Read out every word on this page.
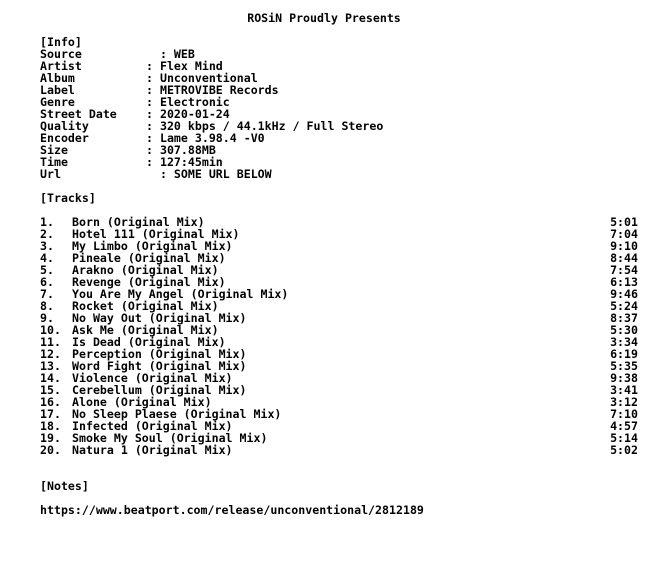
ROSiN Proudly Presents
[Info]
Source	: WEB
Artist	: Flex Mind
Album	: Unconventional
Label	: METROVIBE Records
Genre	: Electronic
Street Date	: 2020-01-24
Quality	: 320 kbps / 44.1kHz / Full Stereo
Encoder	: Lame 3.98.4 -V0
Size	: 307.88MB
Time	: 127:45min
Url	: SOME URL BELOW
[Tracks]
1. Born (Original Mix)	5:01
2. Hotel 111 (Original Mix)	7:04
3. My Limbo (Original Mix)	9:10
4. Pineale (Original Mix)	8:44
5. Arakno (Original Mix)	7:54
6. Revenge (Original Mix)	6:13
7. You Are My Angel (Original Mix)	9:46
8. Rocket (Original Mix)	5:24
9. No Way Out (Original Mix)	8:37
10. Ask Me (Original Mix)	5:30
11. Is Dead (Original Mix)	3:34
12. Perception (Original Mix)	6:19
13. Word Fight (Original Mix)	5:35
14. Violence (Original Mix)	9:38
15. Cerebellum (Original Mix)	3:41
16. Alone (Original Mix)	3:12
17. No Sleep Plaese (Original Mix)	7:10
18. Infected (Original Mix)	4:57
19. Smoke My Soul (Original Mix)	5:14
20. Natura 1 (Original Mix)	5:02
[Notes]
https://www.beatport.com/release/unconventional/2812189
